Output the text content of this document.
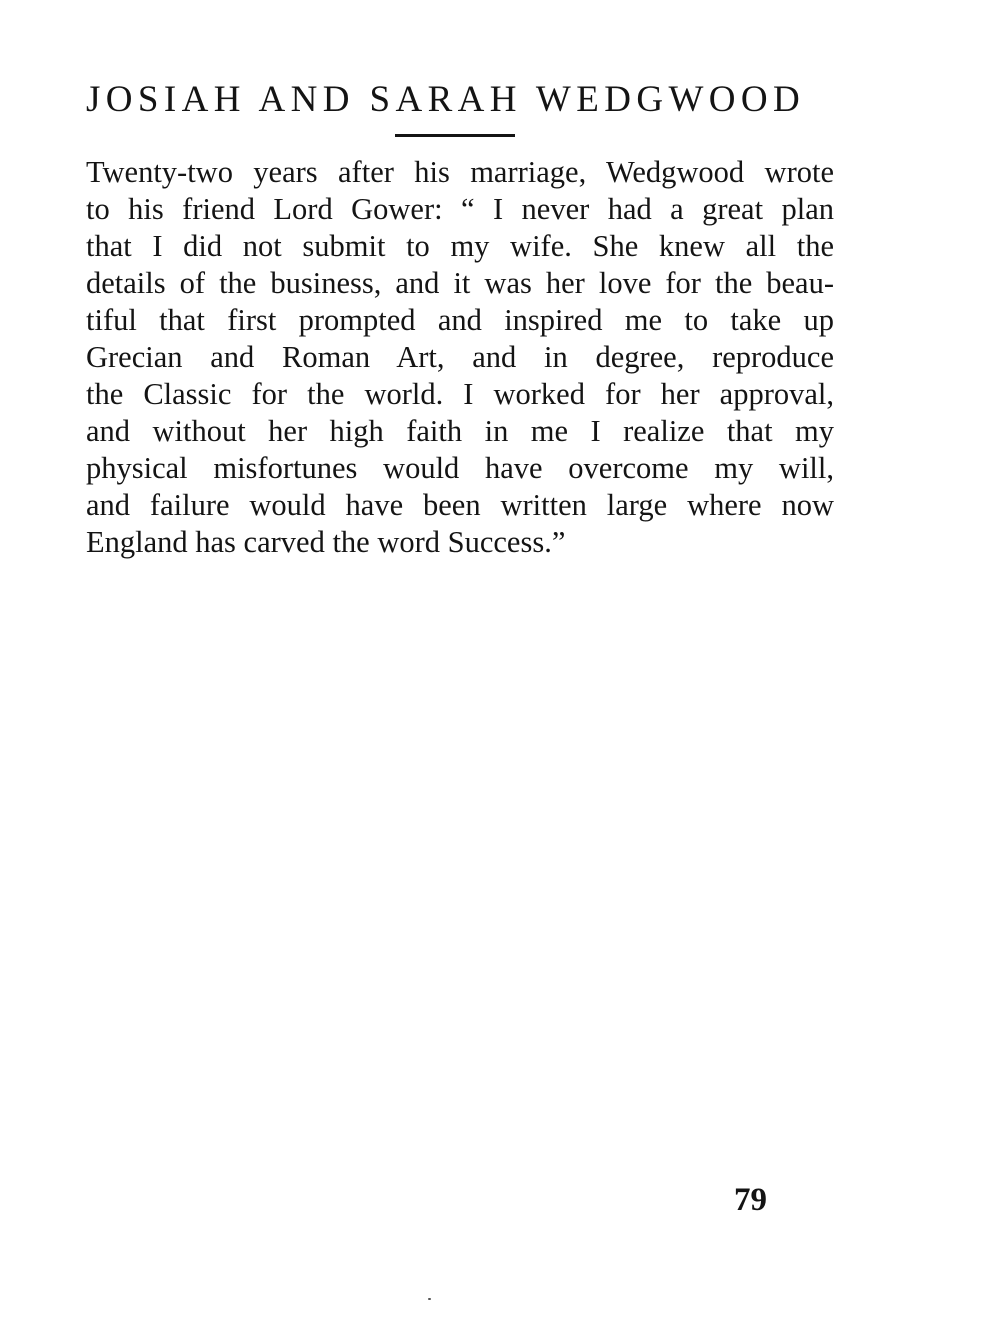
JOSIAH AND SARAH WEDGWOOD
Twenty-two years after his marriage, Wedgwood wrote
to his friend Lord Gower: “ I never had a great plan
that I did not submit to my wife. She knew all the
details of the business, and it was her love for the beau-
tiful that first prompted and inspired me to take up
Grecian and Roman Art, and in degree, reproduce
the Classic for the world. I worked for her approval,
and without her high faith in me I realize that my
physical misfortunes would have overcome my will,
and failure would have been written large where now
England has carved the word Success.”
79
